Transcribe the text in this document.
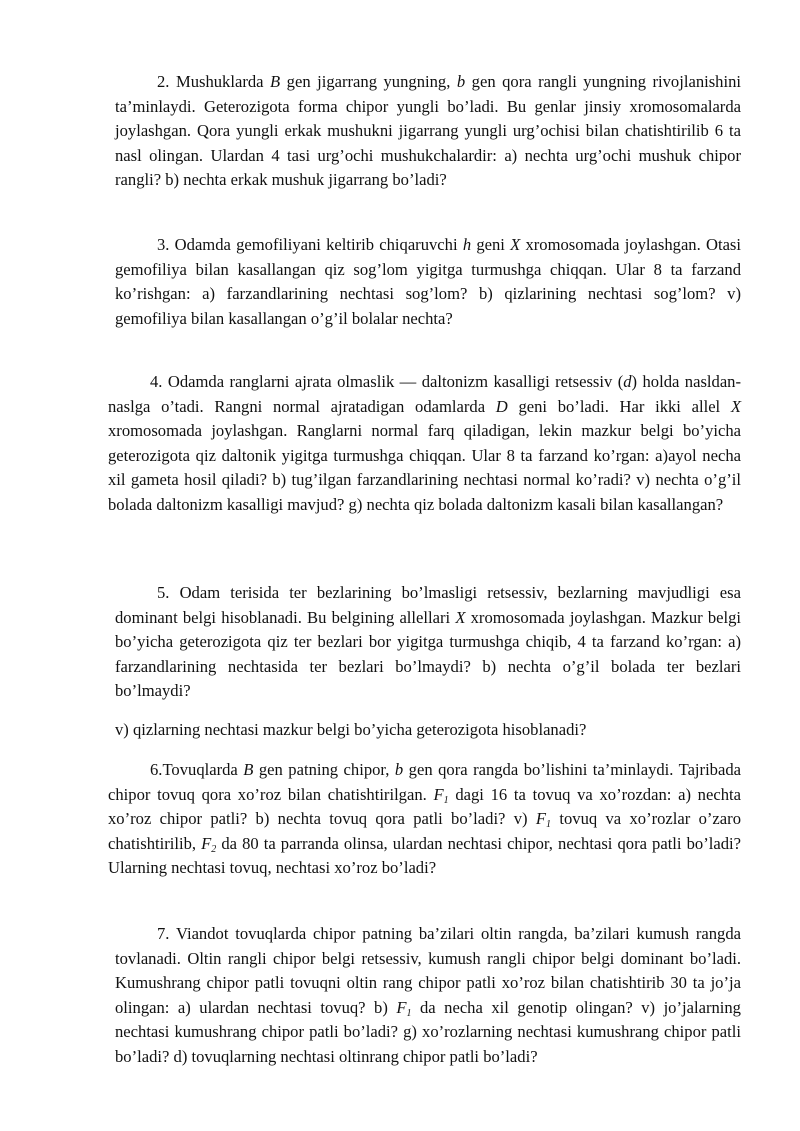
2. Mushuklarda B gen jigarrang yungning, b gen qora rangli yungning rivojlanishini ta’minlaydi. Geterozigota forma chipor yungli bo’ladi. Bu genlar jinsiy xromosomalarda joylashgan. Qora yungli erkak mushukni jigarrang yungli urg’ochisi bilan chatishtirilib 6 ta nasl olingan. Ulardan 4 tasi urg’ochi mushukchalardir: a) nechta urg’ochi mushuk chipor rangli? b) nechta erkak mushuk jigarrang bo’ladi?

3. Odamda gemofiliyani keltirib chiqaruvchi h geni X xromosomada joylashgan. Otasi gemofiliya bilan kasallangan qiz sog’lom yigitga turmushga chiqqan. Ular 8 ta farzand ko’rishgan: a) farzandlarining nechtasi sog’lom? b) qizlarining nechtasi sog’lom? v) gemofiliya bilan kasallangan o’g’il bolalar nechta?

4. Odamda ranglarni ajrata olmaslik — daltonizm kasalligi retsessiv (d) holda nasldan-naslga o’tadi. Rangni normal ajratadigan odamlarda D geni bo’ladi. Har ikki allel X xromosomada joylashgan. Ranglarni normal farq qiladigan, lekin mazkur belgi bo’yicha geterozigota qiz daltonik yigitga turmushga chiqqan. Ular 8 ta farzand ko’rgan: a)ayol necha xil gameta hosil qiladi? b) tug’ilgan farzandlarining nechtasi normal ko’radi? v) nechta o’g’il bolada daltonizm kasalligi mavjud? g) nechta qiz bolada daltonizm kasali bilan kasallangan?

5. Odam terisida ter bezlarining bo’lmasligi retsessiv, bezlarning mavjudligi esa dominant belgi hisoblanadi. Bu belgining allellari X xromosomada joylashgan. Mazkur belgi bo’yicha geterozigota qiz ter bezlari bor yigitga turmushga chiqib, 4 ta farzand ko’rgan: a) farzandlarining nechtasida ter bezlari bo’lmaydi? b) nechta o’g’il bolada ter bezlari bo’lmaydi?

v) qizlarning nechtasi mazkur belgi bo’yicha geterozigota hisoblanadi?

6.Tovuqlarda B gen patning chipor, b gen qora rangda bo’lishini ta’minlaydi. Tajribada chipor tovuq qora xo’roz bilan chatishtirilgan. $F_1$ dagi 16 ta tovuq va xo’rozdan: a) nechta xo’roz chipor patli? b) nechta tovuq qora patli bo’ladi? v) $F_1$ tovuq va xo’rozlar o’zaro chatishtirilib, $F_2$ da 80 ta parranda olinsa, ulardan nechtasi chipor, nechtasi qora patli bo’ladi? Ularning nechtasi tovuq, nechtasi xo’roz bo’ladi?

7. Viandot tovuqlarda chipor patning ba’zilari oltin rangda, ba’zilari kumush rangda tovlanadi. Oltin rangli chipor belgi retsessiv, kumush rangli chipor belgi dominant bo’ladi. Kumushrang chipor patli tovuqni oltin rang chipor patli xo’roz bilan chatishtirib 30 ta jo’ja olingan: a) ulardan nechtasi tovuq? b) $F_1$ da necha xil genotip olingan? v) jo’jalarning nechtasi kumushrang chipor patli bo’ladi? g) xo’rozlarning nechtasi kumushrang chipor patli bo’ladi? d) tovuqlarning nechtasi oltinrang chipor patli bo’ladi?
